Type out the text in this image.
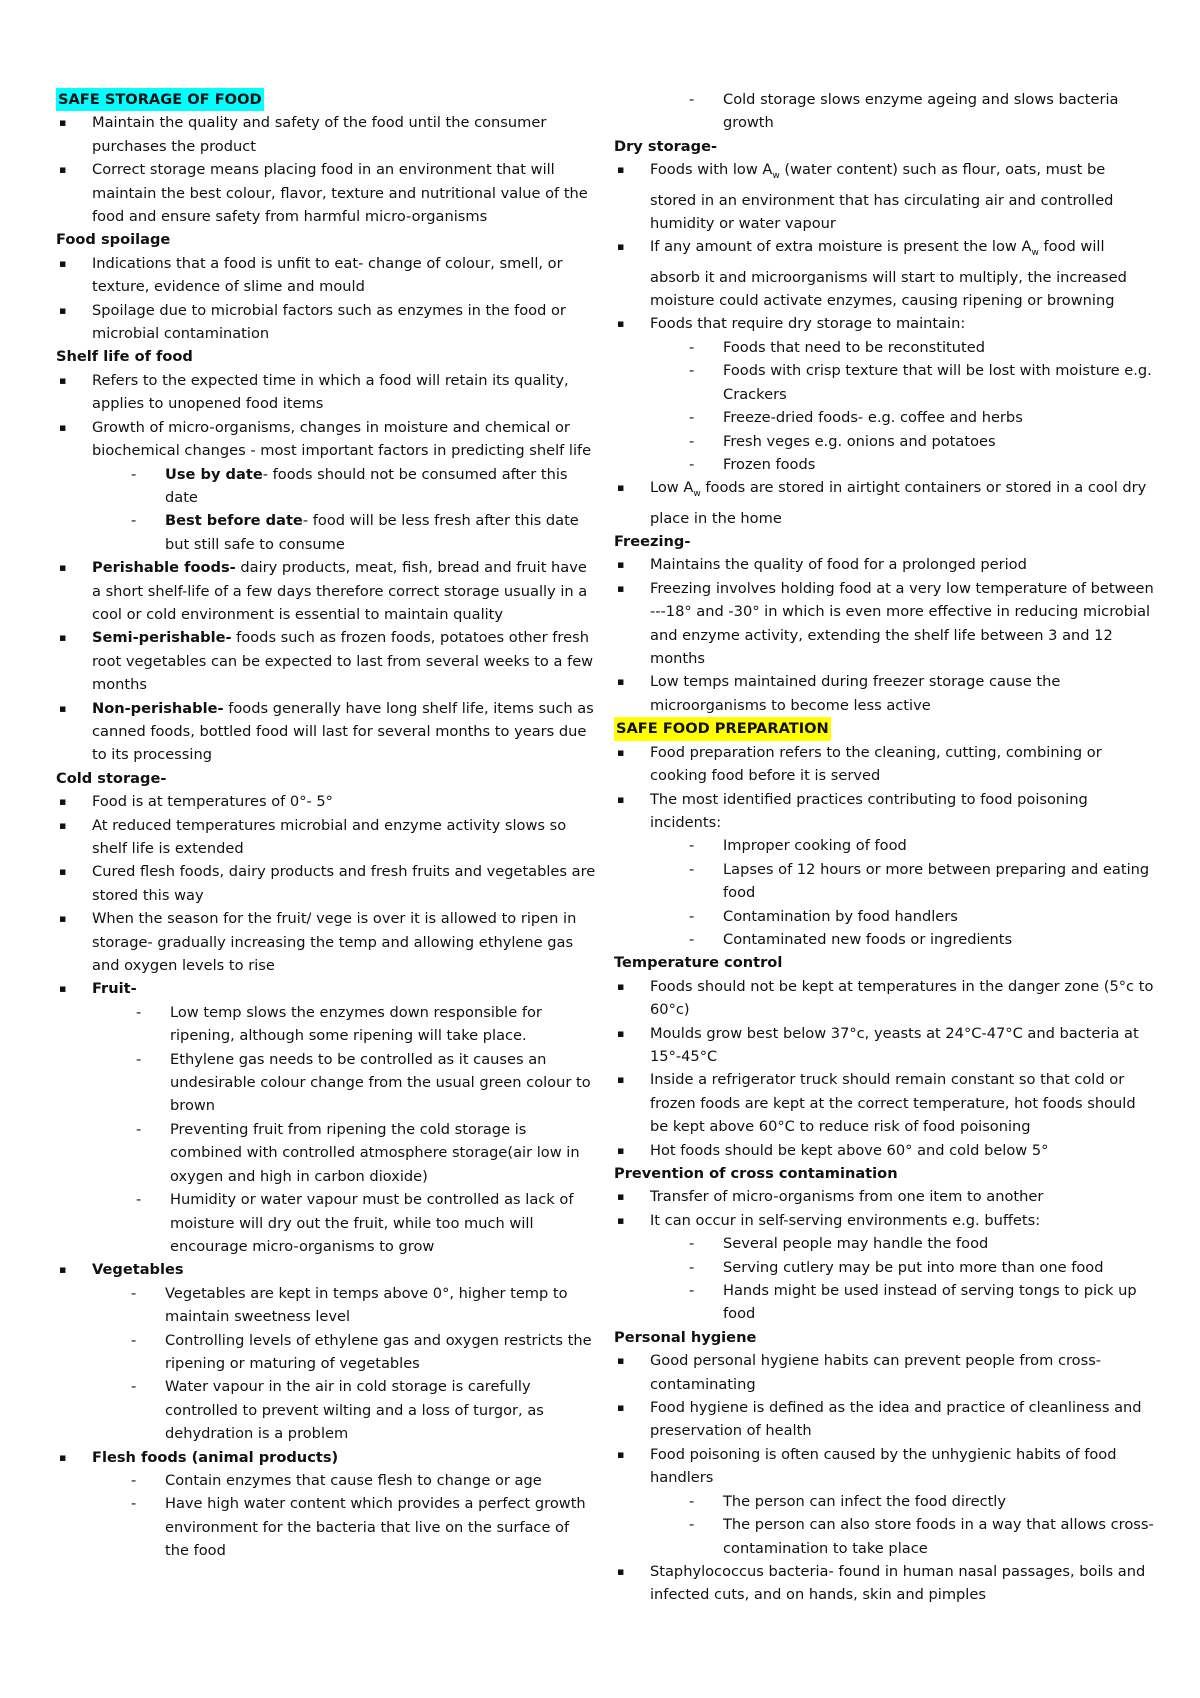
SAFE STORAGE OF FOOD
▪ Maintain the quality and safety of the food until the consumer purchases the product
▪ Correct storage means placing food in an environment that will maintain the best colour, flavor, texture and nutritional value of the food and ensure safety from harmful micro-organisms
Food spoilage
▪ Indications that a food is unfit to eat- change of colour, smell, or texture, evidence of slime and mould
▪ Spoilage due to microbial factors such as enzymes in the food or microbial contamination
Shelf life of food
▪ Refers to the expected time in which a food will retain its quality, applies to unopened food items
▪ Growth of micro-organisms, changes in moisture and chemical or biochemical changes - most important factors in predicting shelf life
- Use by date- foods should not be consumed after this date
- Best before date- food will be less fresh after this date but still safe to consume
▪ Perishable foods- dairy products, meat, fish, bread and fruit have a short shelf-life of a few days therefore correct storage usually in a cool or cold environment is essential to maintain quality
▪ Semi-perishable- foods such as frozen foods, potatoes other fresh root vegetables can be expected to last from several weeks to a few months
▪ Non-perishable- foods generally have long shelf life, items such as canned foods, bottled food will last for several months to years due to its processing
Cold storage-
▪ Food is at temperatures of 0°- 5°
▪ At reduced temperatures microbial and enzyme activity slows so shelf life is extended
▪ Cured flesh foods, dairy products and fresh fruits and vegetables are stored this way
▪ When the season for the fruit/ vege is over it is allowed to ripen in storage- gradually increasing the temp and allowing ethylene gas and oxygen levels to rise
▪ Fruit-
- Low temp slows the enzymes down responsible for ripening, although some ripening will take place.
- Ethylene gas needs to be controlled as it causes an undesirable colour change from the usual green colour to brown
- Preventing fruit from ripening the cold storage is combined with controlled atmosphere storage(air low in oxygen and high in carbon dioxide)
- Humidity or water vapour must be controlled as lack of moisture will dry out the fruit, while too much will encourage micro-organisms to grow
▪ Vegetables
- Vegetables are kept in temps above 0°, higher temp to maintain sweetness level
- Controlling levels of ethylene gas and oxygen restricts the ripening or maturing of vegetables
- Water vapour in the air in cold storage is carefully controlled to prevent wilting and a loss of turgor, as dehydration is a problem
▪ Flesh foods (animal products)
- Contain enzymes that cause flesh to change or age
- Have high water content which provides a perfect growth environment for the bacteria that live on the surface of the food
- Cold storage slows enzyme ageing and slows bacteria growth
Dry storage-
▪ Foods with low $A_w$ (water content) such as flour, oats, must be stored in an environment that has circulating air and controlled humidity or water vapour
▪ If any amount of extra moisture is present the low $A_w$ food will absorb it and microorganisms will start to multiply, the increased moisture could activate enzymes, causing ripening or browning
▪ Foods that require dry storage to maintain:
- Foods that need to be reconstituted
- Foods with crisp texture that will be lost with moisture e.g. Crackers
- Freeze-dried foods- e.g. coffee and herbs
- Fresh veges e.g. onions and potatoes
- Frozen foods
▪ Low $A_w$ foods are stored in airtight containers or stored in a cool dry place in the home
Freezing-
▪ Maintains the quality of food for a prolonged period
▪ Freezing involves holding food at a very low temperature of between ---18° and -30° in which is even more effective in reducing microbial and enzyme activity, extending the shelf life between 3 and 12 months
▪ Low temps maintained during freezer storage cause the microorganisms to become less active
SAFE FOOD PREPARATION
▪ Food preparation refers to the cleaning, cutting, combining or cooking food before it is served
▪ The most identified practices contributing to food poisoning incidents:
- Improper cooking of food
- Lapses of 12 hours or more between preparing and eating food
- Contamination by food handlers
- Contaminated new foods or ingredients
Temperature control
▪ Foods should not be kept at temperatures in the danger zone (5°c to 60°c)
▪ Moulds grow best below 37°c, yeasts at 24°C-47°C and bacteria at 15°-45°C
▪ Inside a refrigerator truck should remain constant so that cold or frozen foods are kept at the correct temperature, hot foods should be kept above 60°C to reduce risk of food poisoning
▪ Hot foods should be kept above 60° and cold below 5°
Prevention of cross contamination
▪ Transfer of micro-organisms from one item to another
▪ It can occur in self-serving environments e.g. buffets:
- Several people may handle the food
- Serving cutlery may be put into more than one food
- Hands might be used instead of serving tongs to pick up food
Personal hygiene
▪ Good personal hygiene habits can prevent people from cross-contaminating
▪ Food hygiene is defined as the idea and practice of cleanliness and preservation of health
▪ Food poisoning is often caused by the unhygienic habits of food handlers
- The person can infect the food directly
- The person can also store foods in a way that allows cross-contamination to take place
▪ Staphylococcus bacteria- found in human nasal passages, boils and infected cuts, and on hands, skin and pimples
